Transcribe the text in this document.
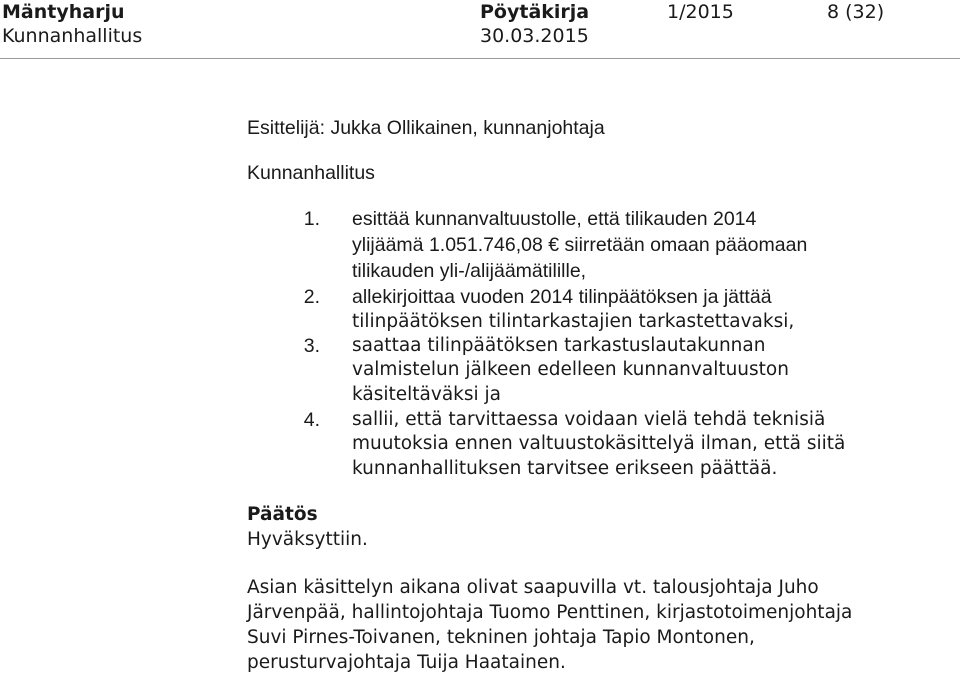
Mäntyharju
Kunnanhallitus
Pöytäkirja
30.03.2015
1/2015	8 (32)
Esittelijä: Jukka Ollikainen, kunnanjohtaja
Kunnanhallitus
1. esittää kunnanvaltuustolle, että tilikauden 2014
ylijäämä 1.051.746,08 € siirretään omaan pääomaan
tilikauden yli-/alijäämätilille,
2. allekirjoittaa vuoden 2014 tilinpäätöksen ja jättää
tilinpäätöksen tilintarkastajien tarkastettavaksi,
3. saattaa tilinpäätöksen tarkastuslautakunnan
valmistelun jälkeen edelleen kunnanvaltuuston
käsiteltäväksi ja
4. sallii, että tarvittaessa voidaan vielä tehdä teknisiä
muutoksia ennen valtuustokäsittelyä ilman, että siitä
kunnanhallituksen tarvitsee erikseen päättää.
Päätös
Hyväksyttiin.
Asian käsittelyn aikana olivat saapuvilla vt. talousjohtaja Juho
Järvenpää, hallintojohtaja Tuomo Penttinen, kirjastotoimenjohtaja
Suvi Pirnes-Toivanen, tekninen johtaja Tapio Montonen,
perusturvajohtaja Tuija Haatainen.
